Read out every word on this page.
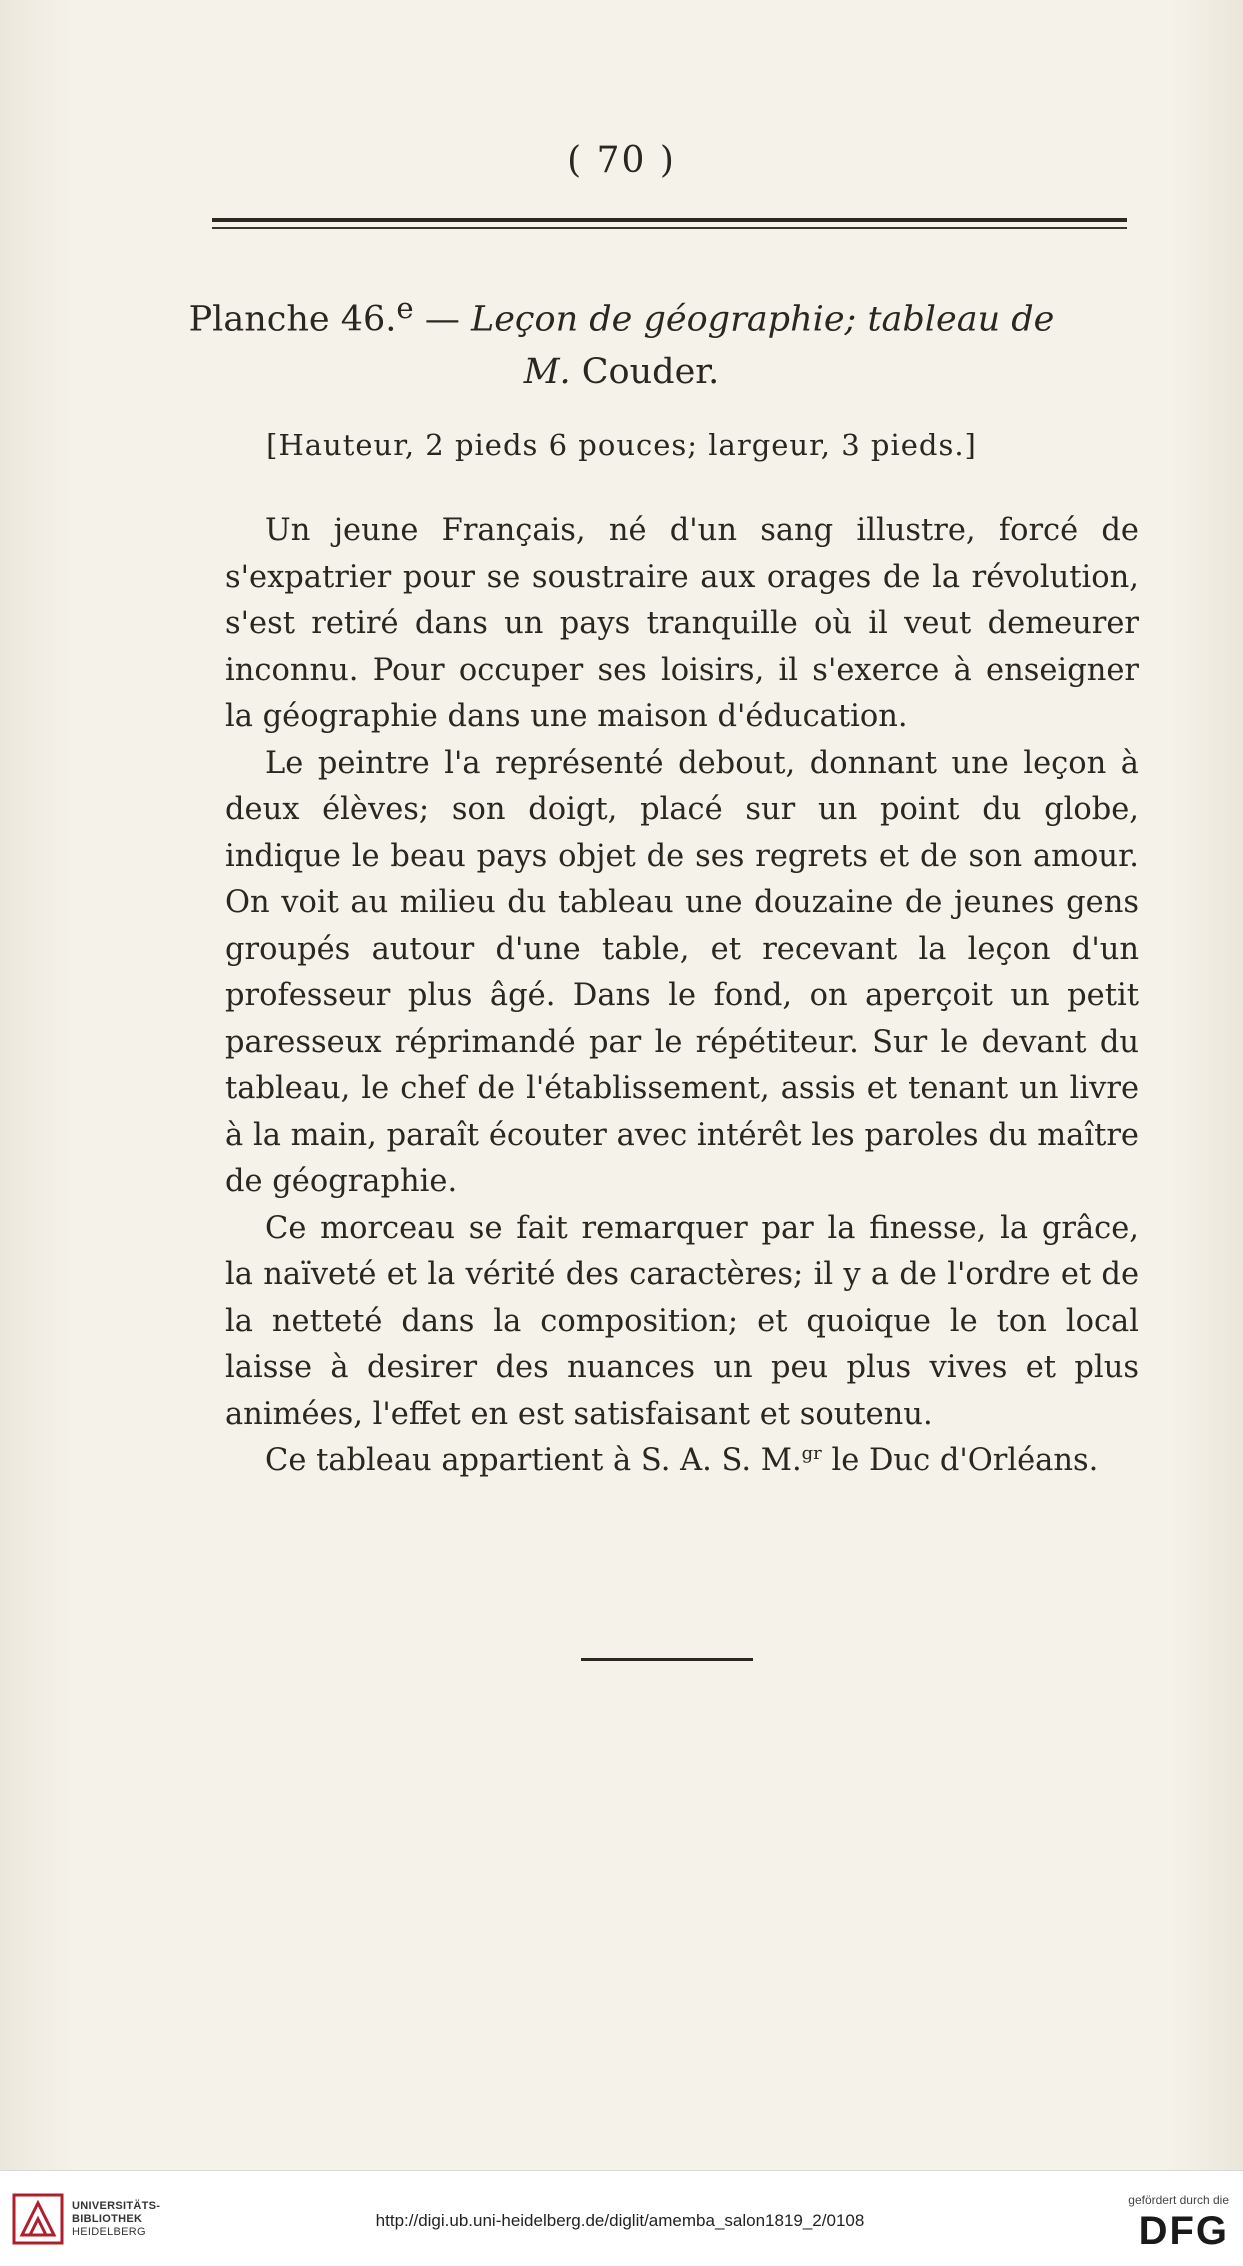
( 70 )
Planche 46.$^e$ — Leçon de géographie; tableau de
M. Couder.
[Hauteur, 2 pieds 6 pouces; largeur, 3 pieds.]

Un jeune Français, né d'un sang illustre, forcé de s'expatrier pour se soustraire aux orages de la révolution, s'est retiré dans un pays tranquille où il veut demeurer inconnu. Pour occuper ses loisirs, il s'exerce à enseigner la géographie dans une maison d'éducation.

Le peintre l'a représenté debout, donnant une leçon à deux élèves; son doigt, placé sur un point du globe, indique le beau pays objet de ses regrets et de son amour. On voit au milieu du tableau une douzaine de jeunes gens groupés autour d'une table, et recevant la leçon d'un professeur plus âgé. Dans le fond, on aperçoit un petit paresseux réprimandé par le répétiteur. Sur le devant du tableau, le chef de l'établissement, assis et tenant un livre à la main, paraît écouter avec intérêt les paroles du maître de géographie.

Ce morceau se fait remarquer par la finesse, la grâce, la naïveté et la vérité des caractères; il y a de l'ordre et de la netteté dans la composition; et quoique le ton local laisse à desirer des nuances un peu plus vives et plus animées, l'effet en est satisfaisant et soutenu.

Ce tableau appartient à S. A. S. M.$^{gr}$ le Duc d'Orléans.

UNIVERSITÄTS-
BIBLIOTHEK
HEIDELBERG
http://digi.ub.uni-heidelberg.de/diglit/amemba_salon1819_2/0108
gefördert durch die
DFG
